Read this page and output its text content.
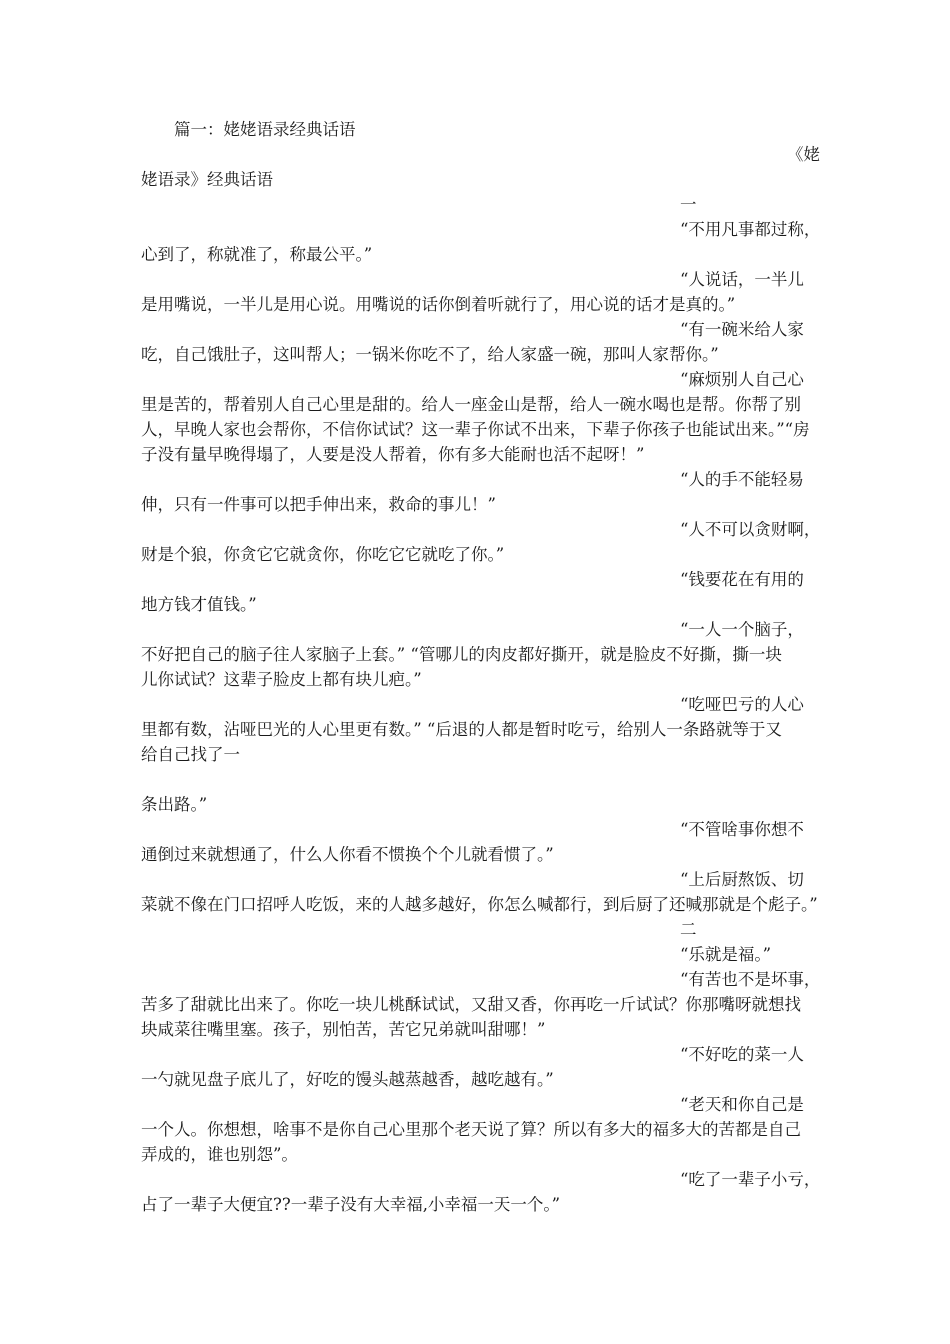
篇一：姥姥语录经典话语
《姥
姥语录》经典话语
一
“不用凡事都过称，
心到了，称就准了，称最公平。”
“人说话，一半儿
是用嘴说，一半儿是用心说。用嘴说的话你倒着听就行了，用心说的话才是真的。”
“有一碗米给人家
吃，自己饿肚子，这叫帮人；一锅米你吃不了，给人家盛一碗，那叫人家帮你。”
“麻烦别人自己心
里是苦的，帮着别人自己心里是甜的。给人一座金山是帮，给人一碗水喝也是帮。你帮了别
人，早晚人家也会帮你，不信你试试？这一辈子你试不出来，下辈子你孩子也能试出来。”“房
子没有量早晚得塌了，人要是没人帮着，你有多大能耐也活不起呀！”
“人的手不能轻易
伸，只有一件事可以把手伸出来，救命的事儿！”
“人不可以贪财啊，
财是个狼，你贪它它就贪你，你吃它它就吃了你。”
“钱要花在有用的
地方钱才值钱。”
“一人一个脑子，
不好把自己的脑子往人家脑子上套。” “管哪儿的肉皮都好撕开，就是脸皮不好撕，撕一块
儿你试试？这辈子脸皮上都有块儿疤。”
“吃哑巴亏的人心
里都有数，沾哑巴光的人心里更有数。” “后退的人都是暂时吃亏，给别人一条路就等于又
给自己找了一
条出路。”
“不管啥事你想不
通倒过来就想通了，什么人你看不惯换个个儿就看惯了。”
“上后厨熬饭、切
菜就不像在门口招呼人吃饭，来的人越多越好，你怎么喊都行，到后厨了还喊那就是个彪子。”
二
“乐就是福。”
“有苦也不是坏事，
苦多了甜就比出来了。你吃一块儿桃酥试试，又甜又香，你再吃一斤试试？你那嘴呀就想找
块咸菜往嘴里塞。孩子，别怕苦，苦它兄弟就叫甜哪！”
“不好吃的菜一人
一勺就见盘子底儿了，好吃的馒头越蒸越香，越吃越有。”
“老天和你自己是
一个人。你想想，啥事不是你自己心里那个老天说了算？所以有多大的福多大的苦都是自己
弄成的，谁也别怨”。
“吃了一辈子小亏，
占了一辈子大便宜??一辈子没有大幸福,小幸福一天一个。”
